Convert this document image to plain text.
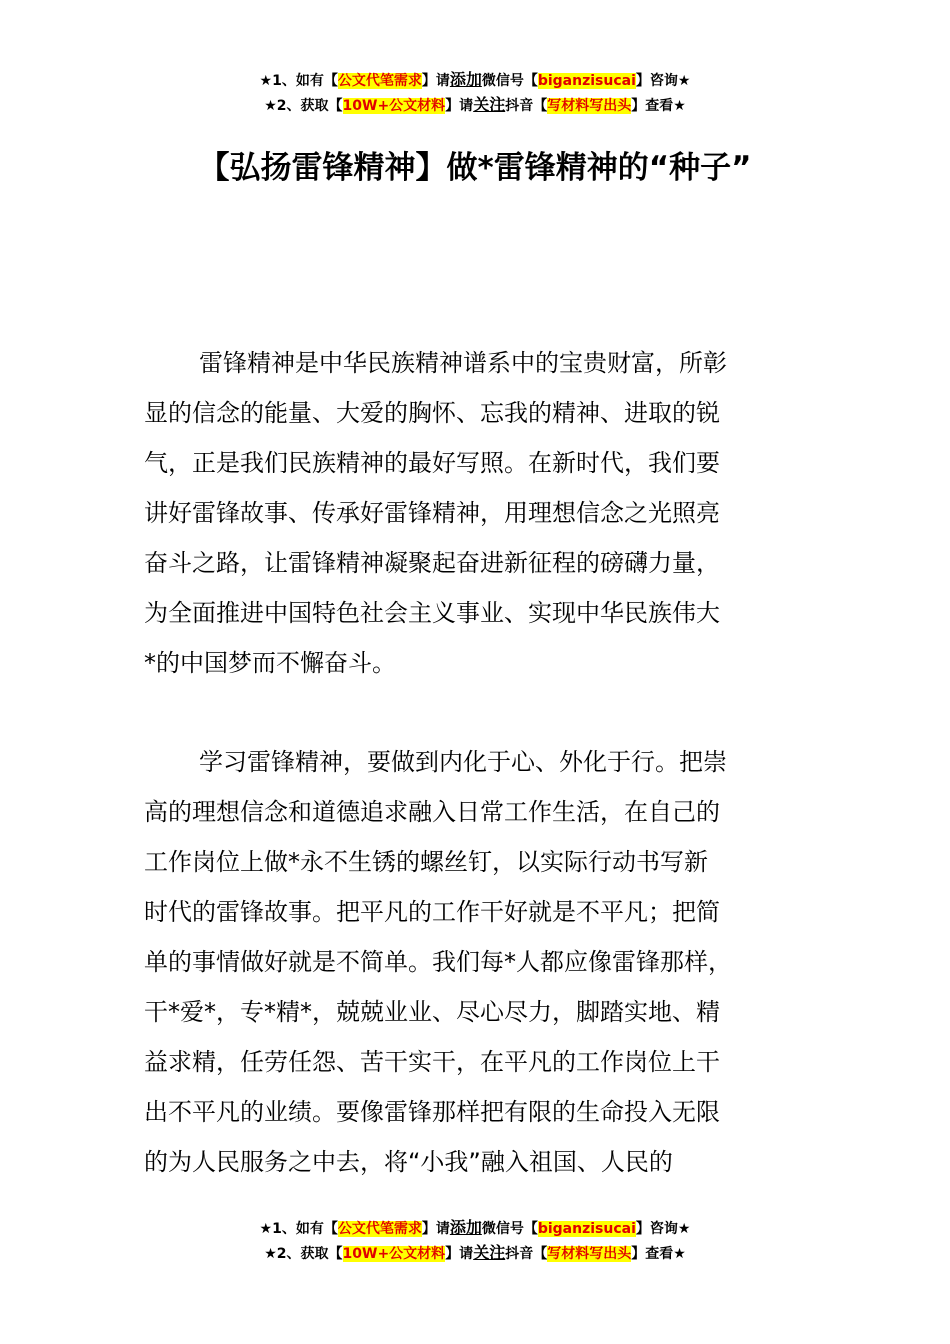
★1、如有【公文代笔需求】请添加微信号【biganzisucai】咨询★
★2、获取【10W+公文材料】请关注抖音【写材料写出头】查看★
【弘扬雷锋精神】做*雷锋精神的“种子”

雷锋精神是中华民族精神谱系中的宝贵财富，所彰
显的信念的能量、大爱的胸怀、忘我的精神、进取的锐
气，正是我们民族精神的最好写照。在新时代，我们要
讲好雷锋故事、传承好雷锋精神，用理想信念之光照亮
奋斗之路，让雷锋精神凝聚起奋进新征程的磅礴力量，
为全面推进中国特色社会主义事业、实现中华民族伟大
*的中国梦而不懈奋斗。

学习雷锋精神，要做到内化于心、外化于行。把崇
高的理想信念和道德追求融入日常工作生活，在自己的
工作岗位上做*永不生锈的螺丝钉，以实际行动书写新
时代的雷锋故事。把平凡的工作干好就是不平凡；把简
单的事情做好就是不简单。我们每*人都应像雷锋那样，
干*爱*，专*精*，兢兢业业、尽心尽力，脚踏实地、精
益求精，任劳任怨、苦干实干，在平凡的工作岗位上干
出不平凡的业绩。要像雷锋那样把有限的生命投入无限
的为人民服务之中去，将“小我”融入祖国、人民的

★1、如有【公文代笔需求】请添加微信号【biganzisucai】咨询★
★2、获取【10W+公文材料】请关注抖音【写材料写出头】查看★
